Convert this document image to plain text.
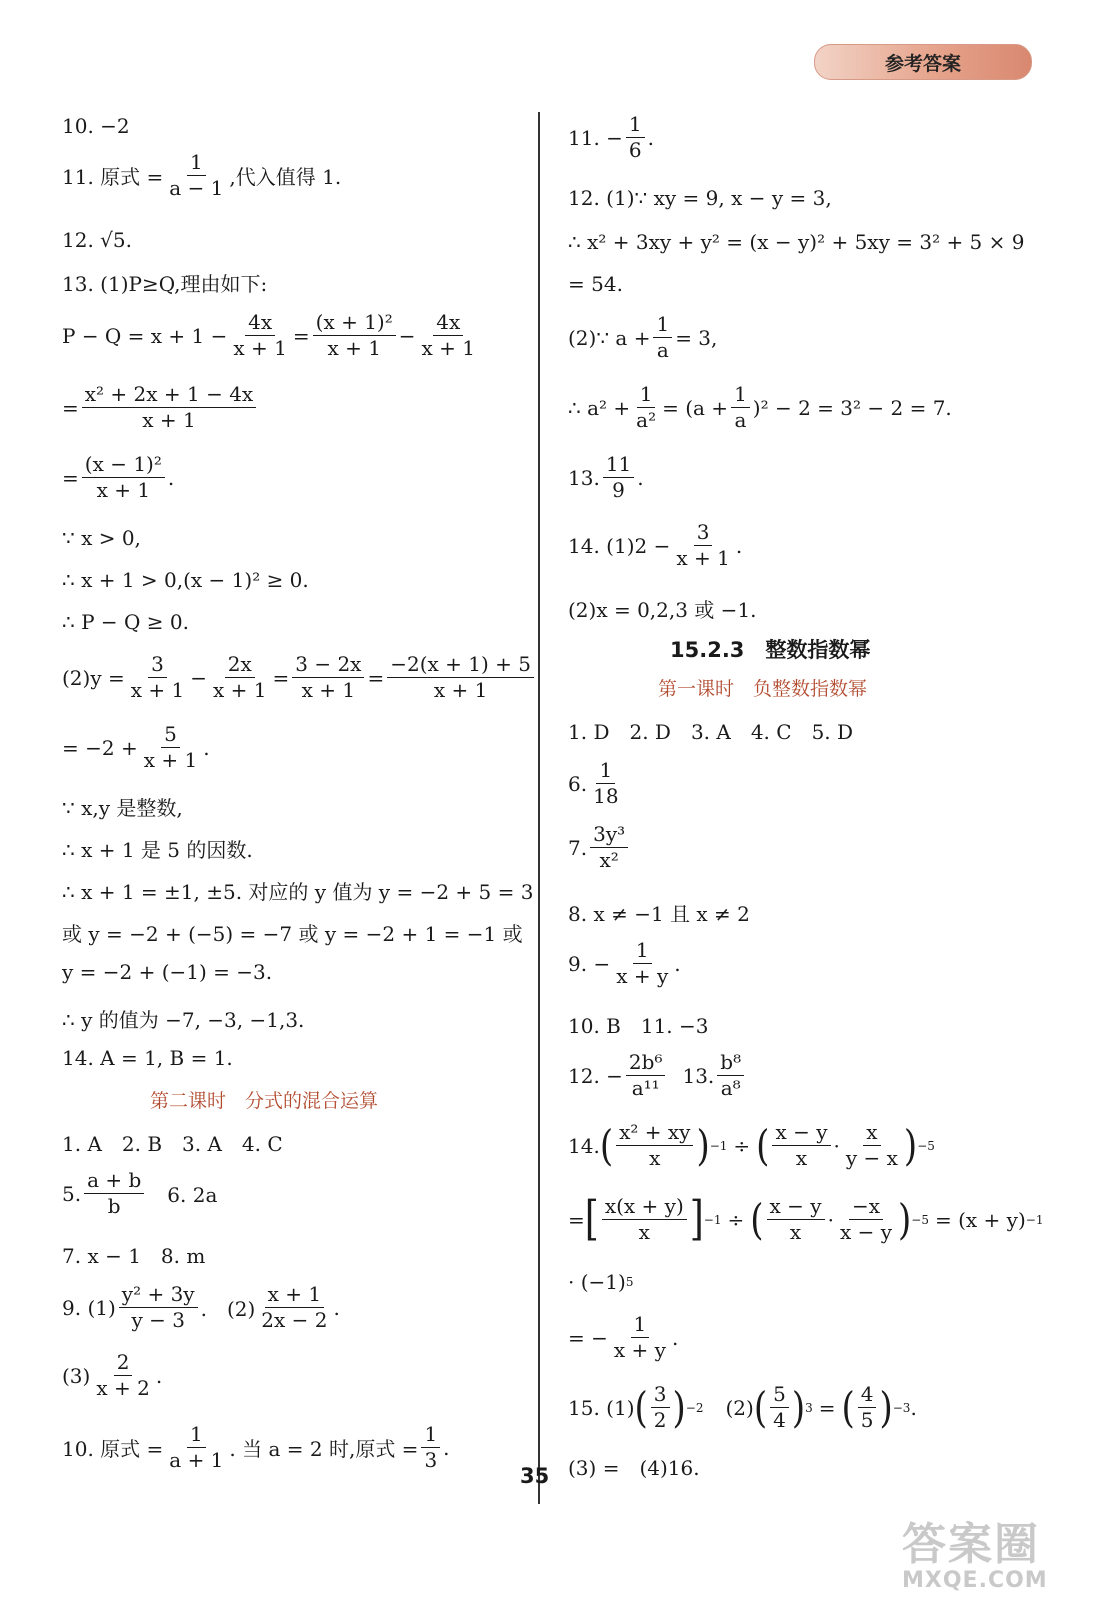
参考答案
10. −2
11. 原式 = $\frac{1}{a - 1}$ ,代入值得 1.
12. √5.
13. (1)P≥Q,理由如下:
$P - Q = x + 1 - \frac{4x}{x + 1} = \frac{\text{(x + 1)²}}{x + 1} - \frac{4x}{x + 1}$
= $\frac{\text{x² + 2x + 1 − 4x}}{x + 1}$
= $\frac{\text{(x − 1)²}}{x + 1}$ .
∵ x > 0,
∴ x + 1 > 0,(x − 1)² ≥ 0.
∴ P − Q ≥ 0.
$(2)y = \frac{3}{x + 1} - \frac{2x}{x + 1} = \frac{3 - 2x}{x + 1} = \frac{-2(x + 1) + 5}{x + 1}$
= $-2 + \frac{5}{x + 1}$ .
∵ x,y 是整数,
∴ x + 1 是 5 的因数.
∴ x + 1 = ±1, ±5. 对应的 y 值为 y = −2 + 5 = 3
或 y = −2 + (−5) = −7 或 y = −2 + 1 = −1 或
y = −2 + (−1) = −3.
∴ y 的值为 −7, −3, −1,3.
14. A = 1, B = 1.
第二课时　分式的混合运算
1. A　2. B　3. A　4. C
5. $\frac{a + b}{b}$ 　6. 2a
7. x − 1　8. m
9. $(1) \frac{\text{y² + 3y}}{y - 3}$ .　$(2) \frac{x + 1}{2x - 2}$ .
$(3) \frac{2}{x + 2}$ .
10. 原式 = $\frac{1}{a + 1}$ . 当 a = 2 时,原式 = $\frac{1}{3}$ .
11. − $\frac{1}{6}$ .
12. (1)∵ xy = 9, x − y = 3,
∴ x² + 3xy + y² = (x − y)² + 5xy = 3² + 5 × 9
= 54.
(2)∵ $a + \frac{1}{a} = 3$,
∴ $a^2 + \frac{1}{\text{a²}} = (a + \frac{1}{a} )^2 - 2 = 3^2 - 2 = 7$.
13. $\frac{11}{9}$ .
14. $(1)2 - \frac{3}{x + 1}$ .
(2)x = 0,2,3 或 −1.
15.2.3　整数指数幂
第一课时　负整数指数幂
1. D　2. D　3. A　4. C　5. D
6. $\frac{1}{18}$
7. $\frac{\text{3y³}}{\text{x²}}$
8. x ≠ −1 且 x ≠ 2
9. − $\frac{1}{x + y}$ .
10. B　11. −3
12. − $\frac{\text{2b⁶}}{\text{a¹¹}} 13$. $\frac{\text{b⁸}}{\text{a⁸}}$
14. ( $\frac{\text{x² + xy}}{x}$ ) −1 ÷ ( $\frac{x - y}{x} \cdot \frac{x}{y - x}$ ) −5
= [ $\frac{x(x + y)}{x}$ ] −1 ÷ ( $\frac{x - y}{x} \cdot \frac{-x}{x - y}$ ) −5 = (x + y) −1
· (−1) 5
= − $\frac{1}{x + y}$ .
15. (1) ( $\frac{3}{2}$ ) −2 (2) ( $\frac{5}{4}$ ) 3 = ( $\frac{4}{5}$ ) −3 .
(3) =　(4)16.
35
答案圈
MXQE.COM
